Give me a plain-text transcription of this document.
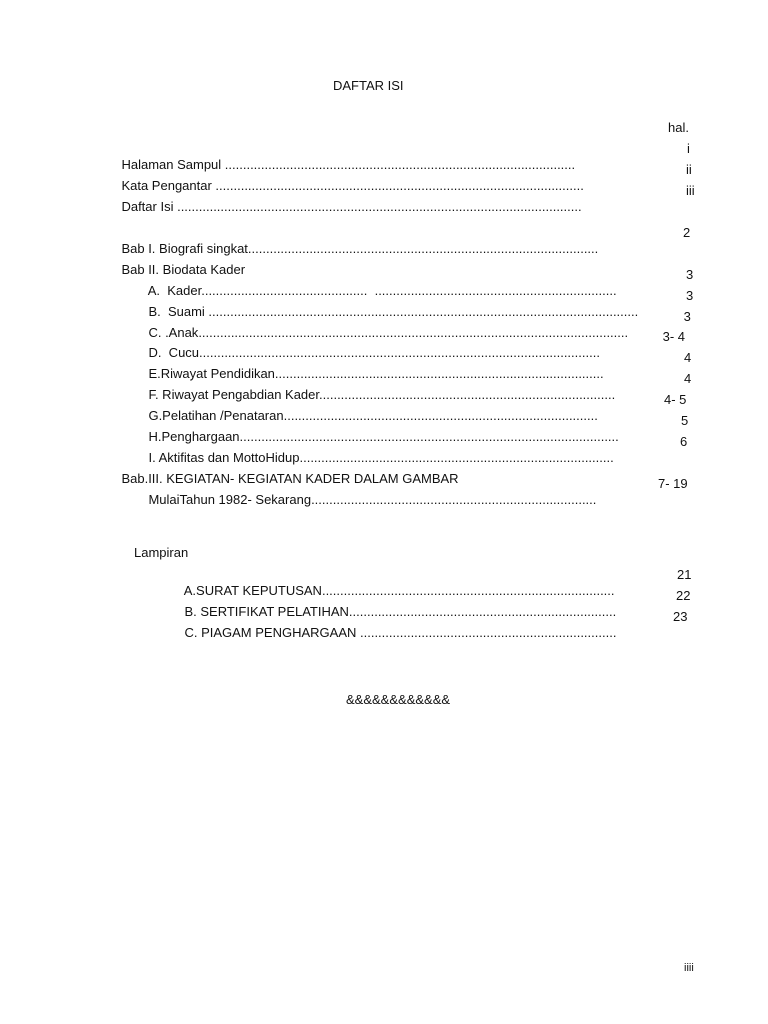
DAFTAR ISI
hal.

Halaman Sampul .................................................................................................

i

Kata Pengantar ......................................................................................................

ii

Daftar Isi ................................................................................................................

iii

Bab I. Biografi singkat.................................................................................................

2

Bab II. Biodata Kader

A.  Kader..............................................  ...................................................................

3

B.  Suami .......................................................................................................................

3

C. .Anak.......................................................................................................................

3

D.  Cucu...............................................................................................................

3- 4

E.Riwayat Pendidikan...........................................................................................

4

F. Riwayat Pengabdian Kader..................................................................................

4

G.Pelatihan /Penataran.......................................................................................

4- 5

H.Penghargaan.........................................................................................................

5

I. Aktifitas dan MottoHidup.......................................................................................

6

Bab.III. KEGIATAN- KEGIATAN KADER DALAM GAMBAR

MulaiTahun 1982- Sekarang...............................................................................

7- 19
Lampiran

A.SURAT KEPUTUSAN.................................................................................

21

B. SERTIFIKAT PELATIHAN..........................................................................

22

C. PIAGAM PENGHARGAAN .......................................................................

23
&&&&&&&&&&&&
iiii
